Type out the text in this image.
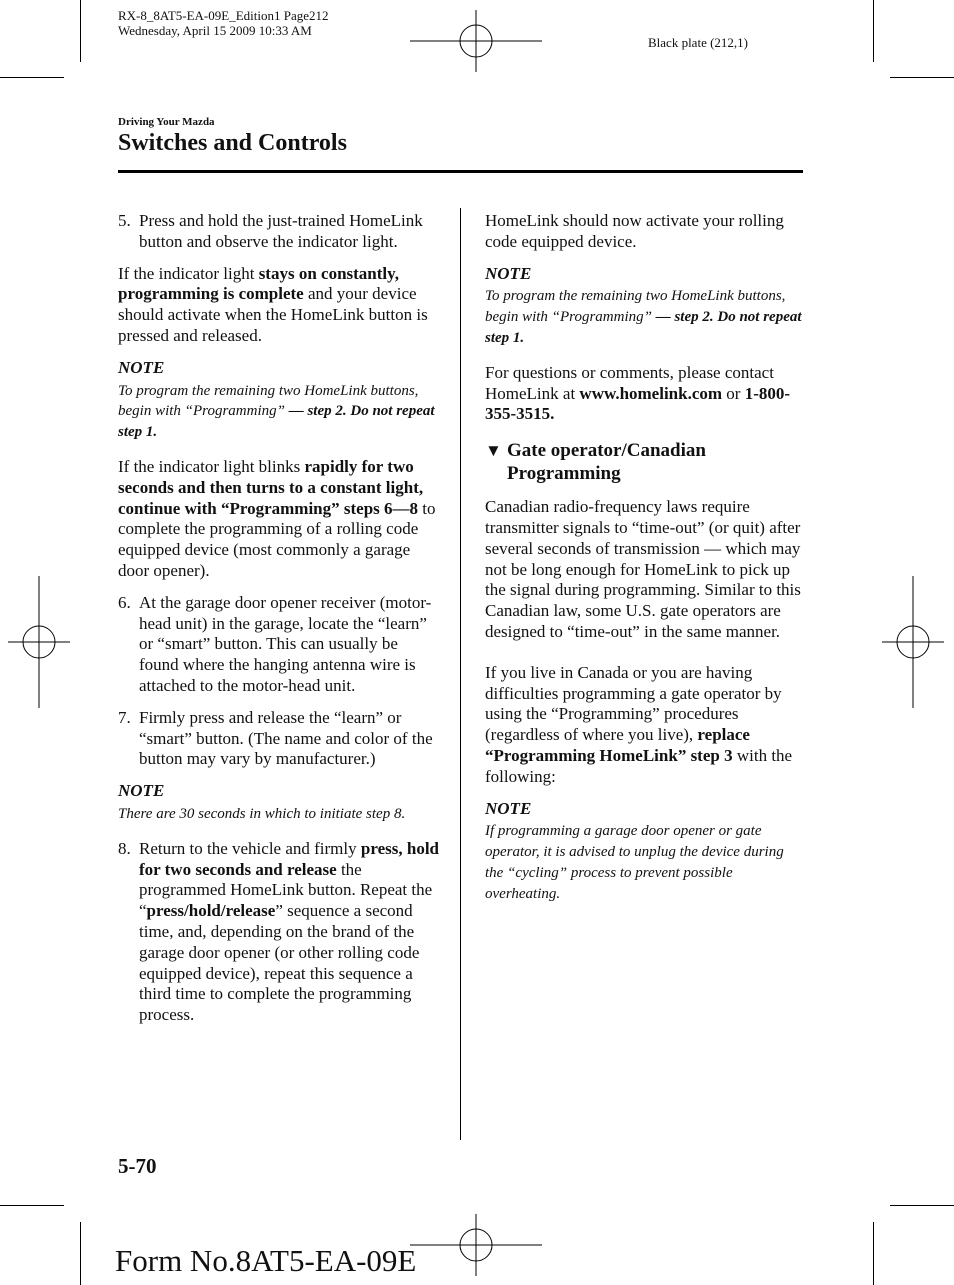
RX-8_8AT5-EA-09E_Edition1 Page212
Wednesday, April 15 2009 10:33 AM
Black plate (212,1)
Driving Your Mazda
Switches and Controls
5. Press and hold the just-trained HomeLink button and observe the indicator light.

If the indicator light stays on constantly, programming is complete and your device should activate when the HomeLink button is pressed and released.

NOTE
To program the remaining two HomeLink buttons, begin with “Programming” — step 2. Do not repeat step 1.

If the indicator light blinks rapidly for two seconds and then turns to a constant light, continue with “Programming” steps 6—8 to complete the programming of a rolling code equipped device (most commonly a garage door opener).

6. At the garage door opener receiver (motor-head unit) in the garage, locate the “learn” or “smart” button. This can usually be found where the hanging antenna wire is attached to the motor-head unit.
7. Firmly press and release the “learn” or “smart” button. (The name and color of the button may vary by manufacturer.)
NOTE
There are 30 seconds in which to initiate step 8.
8. Return to the vehicle and firmly press, hold for two seconds and release the programmed HomeLink button. Repeat the “press/hold/release” sequence a second time, and, depending on the brand of the garage door opener (or other rolling code equipped device), repeat this sequence a third time to complete the programming process.

HomeLink should now activate your rolling code equipped device.

NOTE
To program the remaining two HomeLink buttons, begin with “Programming” — step 2. Do not repeat step 1.

For questions or comments, please contact HomeLink at www.homelink.com or 1-800-355-3515.

▼ Gate operator/Canadian Programming

Canadian radio-frequency laws require transmitter signals to “time-out” (or quit) after several seconds of transmission — which may not be long enough for HomeLink to pick up the signal during programming. Similar to this Canadian law, some U.S. gate operators are designed to “time-out” in the same manner.

If you live in Canada or you are having difficulties programming a gate operator by using the “Programming” procedures (regardless of where you live), replace “Programming HomeLink” step 3 with the following:

NOTE
If programming a garage door opener or gate operator, it is advised to unplug the device during the “cycling” process to prevent possible overheating.
5-70
Form No.8AT5-EA-09E
